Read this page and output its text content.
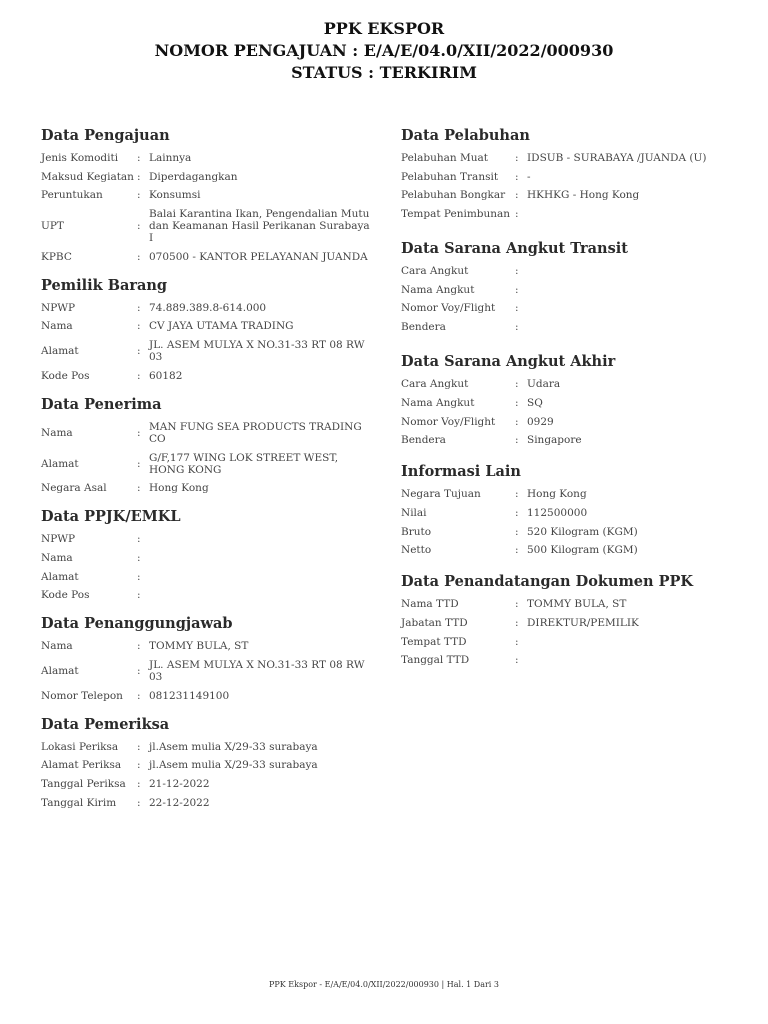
PPK EKSPOR
NOMOR PENGAJUAN : E/A/E/04.0/XII/2022/000930
STATUS : TERKIRIM
Data Pengajuan
Jenis Komoditi	: Lainnya
Maksud Kegiatan : Diperdagangkan
Peruntukan	: Konsumsi
UPT	:
Balai Karantina Ikan, Pengendalian Mutu dan Keamanan Hasil Perikanan Surabaya I
KPBC	: 070500 - KANTOR PELAYANAN JUANDA
Pemilik Barang
NPWP	: 74.889.389.8-614.000
Nama	: CV JAYA UTAMA TRADING
Alamat	: JL. ASEM MULYA X NO.31-33 RT 08 RW 03
Kode Pos	: 60182
Data Penerima
Nama	: MAN FUNG SEA PRODUCTS TRADING CO
Alamat	: G/F,177 WING LOK STREET WEST, HONG KONG
Negara Asal	: Hong Kong
Data PPJK/EMKL
NPWP	:
Nama	:
Alamat	:
Kode Pos	:
Data Penanggungjawab
Nama	: TOMMY BULA, ST
Alamat	: JL. ASEM MULYA X NO.31-33 RT 08 RW 03
Nomor Telepon	: 081231149100
Data Pemeriksa
Lokasi Periksa	: jl.Asem mulia X/29-33 surabaya
Alamat Periksa	: jl.Asem mulia X/29-33 surabaya
Tanggal Periksa	: 21-12-2022
Tanggal Kirim	: 22-12-2022
Data Pelabuhan
Pelabuhan Muat	: IDSUB - SURABAYA /JUANDA (U)
Pelabuhan Transit	: -
Pelabuhan Bongkar : HKHKG - Hong Kong
Tempat Penimbunan :
Data Sarana Angkut Transit
Cara Angkut	:
Nama Angkut	:
Nomor Voy/Flight	:
Bendera	:
Data Sarana Angkut Akhir
Cara Angkut	: Udara
Nama Angkut	: SQ
Nomor Voy/Flight	: 0929
Bendera	: Singapore
Informasi Lain
Negara Tujuan	: Hong Kong
Nilai	: 112500000
Bruto	: 520 Kilogram (KGM)
Netto	: 500 Kilogram (KGM)
Data Penandatangan Dokumen PPK
Nama TTD	: TOMMY BULA, ST
Jabatan TTD	: DIREKTUR/PEMILIK
Tempat TTD	:
Tanggal TTD	:
PPK Ekspor - E/A/E/04.0/XII/2022/000930 | Hal. 1 Dari 3
